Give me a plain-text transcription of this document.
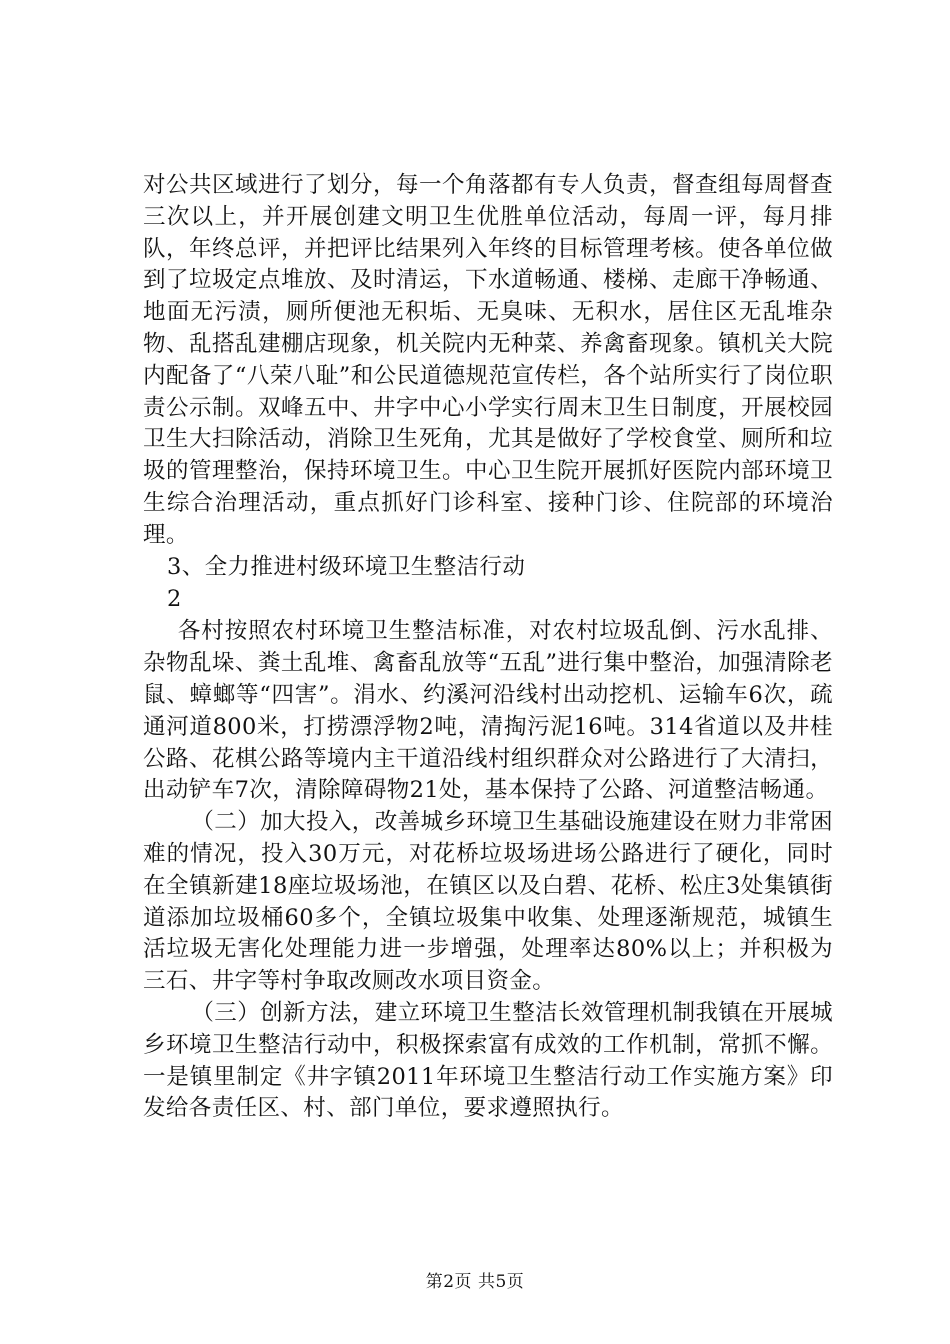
对公共区域进行了划分，每一个角落都有专人负责，督查组每周督查三次以上，并开展创建文明卫生优胜单位活动，每周一评，每月排队，年终总评，并把评比结果列入年终的目标管理考核。使各单位做到了垃圾定点堆放、及时清运，下水道畅通、楼梯、走廊干净畅通、地面无污渍，厕所便池无积垢、无臭味、无积水，居住区无乱堆杂物、乱搭乱建棚店现象，机关院内无种菜、养禽畜现象。镇机关大院内配备了“八荣八耻”和公民道德规范宣传栏，各个站所实行了岗位职责公示制。双峰五中、井字中心小学实行周末卫生日制度，开展校园卫生大扫除活动，消除卫生死角，尤其是做好了学校食堂、厕所和垃圾的管理整治，保持环境卫生。中心卫生院开展抓好医院内部环境卫生综合治理活动，重点抓好门诊科室、接种门诊、住院部的环境治理。

3、全力推进村级环境卫生整洁行动

2

各村按照农村环境卫生整洁标准，对农村垃圾乱倒、污水乱排、杂物乱垛、粪土乱堆、禽畜乱放等“五乱”进行集中整治，加强清除老鼠、蟑螂等“四害”。涓水、约溪河沿线村出动挖机、运输车6次，疏通河道800米，打捞漂浮物2吨，清掏污泥16吨。314省道以及井桂公路、花棋公路等境内主干道沿线村组织群众对公路进行了大清扫，出动铲车7次，清除障碍物21处，基本保持了公路、河道整洁畅通。

（二）加大投入，改善城乡环境卫生基础设施建设在财力非常困难的情况，投入30万元，对花桥垃圾场进场公路进行了硬化，同时在全镇新建18座垃圾场池，在镇区以及白碧、花桥、松庄3处集镇街道添加垃圾桶60多个，全镇垃圾集中收集、处理逐渐规范，城镇生活垃圾无害化处理能力进一步增强，处理率达80%以上；并积极为三石、井字等村争取改厕改水项目资金。

（三）创新方法，建立环境卫生整洁长效管理机制我镇在开展城乡环境卫生整洁行动中，积极探索富有成效的工作机制，常抓不懈。一是镇里制定《井字镇2011年环境卫生整洁行动工作实施方案》印发给各责任区、村、部门单位，要求遵照执行。

第2页 共5页
